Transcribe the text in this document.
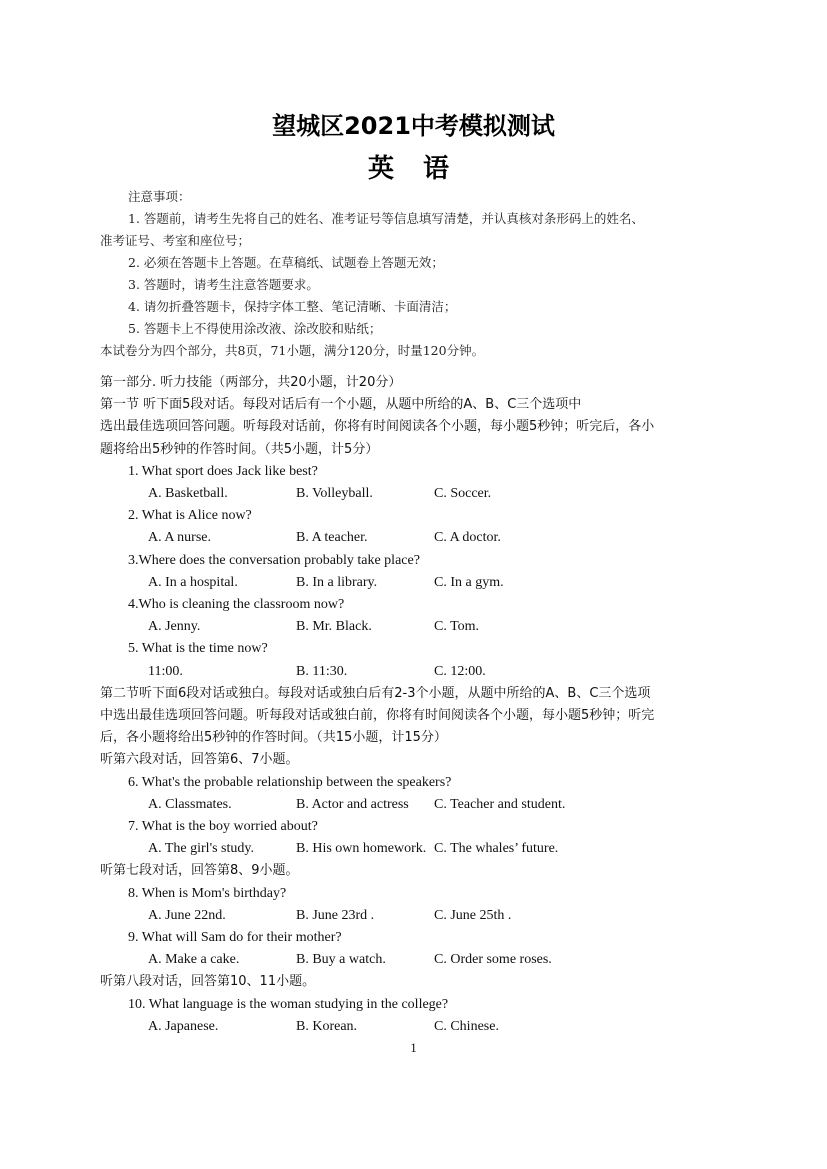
望城区2021中考模拟测试
英 语
注意事项：
1. 答题前，请考生先将自己的姓名、准考证号等信息填写清楚，并认真核对条形码上的姓名、
准考证号、考室和座位号；
2. 必须在答题卡上答题。在草稿纸、试题卷上答题无效；
3. 答题时，请考生注意答题要求。
4. 请勿折叠答题卡，保持字体工整、笔记清晰、卡面清洁；
5. 答题卡上不得使用涂改液、涂改胶和贴纸；
本试卷分为四个部分，共8页，71小题，满分120分，时量120分钟。
第一部分. 听力技能（两部分，共20小题，计20分）
第一节 听下面5段对话。每段对话后有一个小题，从题中所给的A、B、C三个选项中
选出最佳选项回答问题。听每段对话前，你将有时间阅读各个小题，每小题5秒钟；听完后，各小
题将给出5秒钟的作答时间。（共5小题，计5分）
1. What sport does Jack like best?
A. Basketball.	B. Volleyball.	C. Soccer.
2. What is Alice now?
A. A nurse.	B. A teacher.	C. A doctor.
3.Where does the conversation probably take place?
A. In a hospital.	B. In a library.	C. In a gym.
4.Who is cleaning the classroom now?
A. Jenny.	B. Mr. Black.	C. Tom.
5. What is the time now?
11:00.	B. 11:30.	C. 12:00.
第二节听下面6段对话或独白。每段对话或独白后有2-3个小题，从题中所给的A、B、C三个选项
中选出最佳选项回答问题。听每段对话或独白前，你将有时间阅读各个小题，每小题5秒钟；听完
后，各小题将给出5秒钟的作答时间。（共15小题，计15分）
听第六段对话，回答第6、7小题。
6. What's the probable relationship between the speakers?
A. Classmates.	B. Actor and actress	C. Teacher and student.
7. What is the boy worried about?
A. The girl's study.	B. His own homework. C. The whales’ future.
听第七段对话，回答第8、9小题。
8. When is Mom's birthday?
A. June 22nd.	B. June 23rd .	C. June 25th .
9. What will Sam do for their mother?
A. Make a cake.	B. Buy a watch.	C. Order some roses.
听第八段对话，回答第10、11小题。
10. What language is the woman studying in the college?
A. Japanese.	B. Korean.	C. Chinese.
1
